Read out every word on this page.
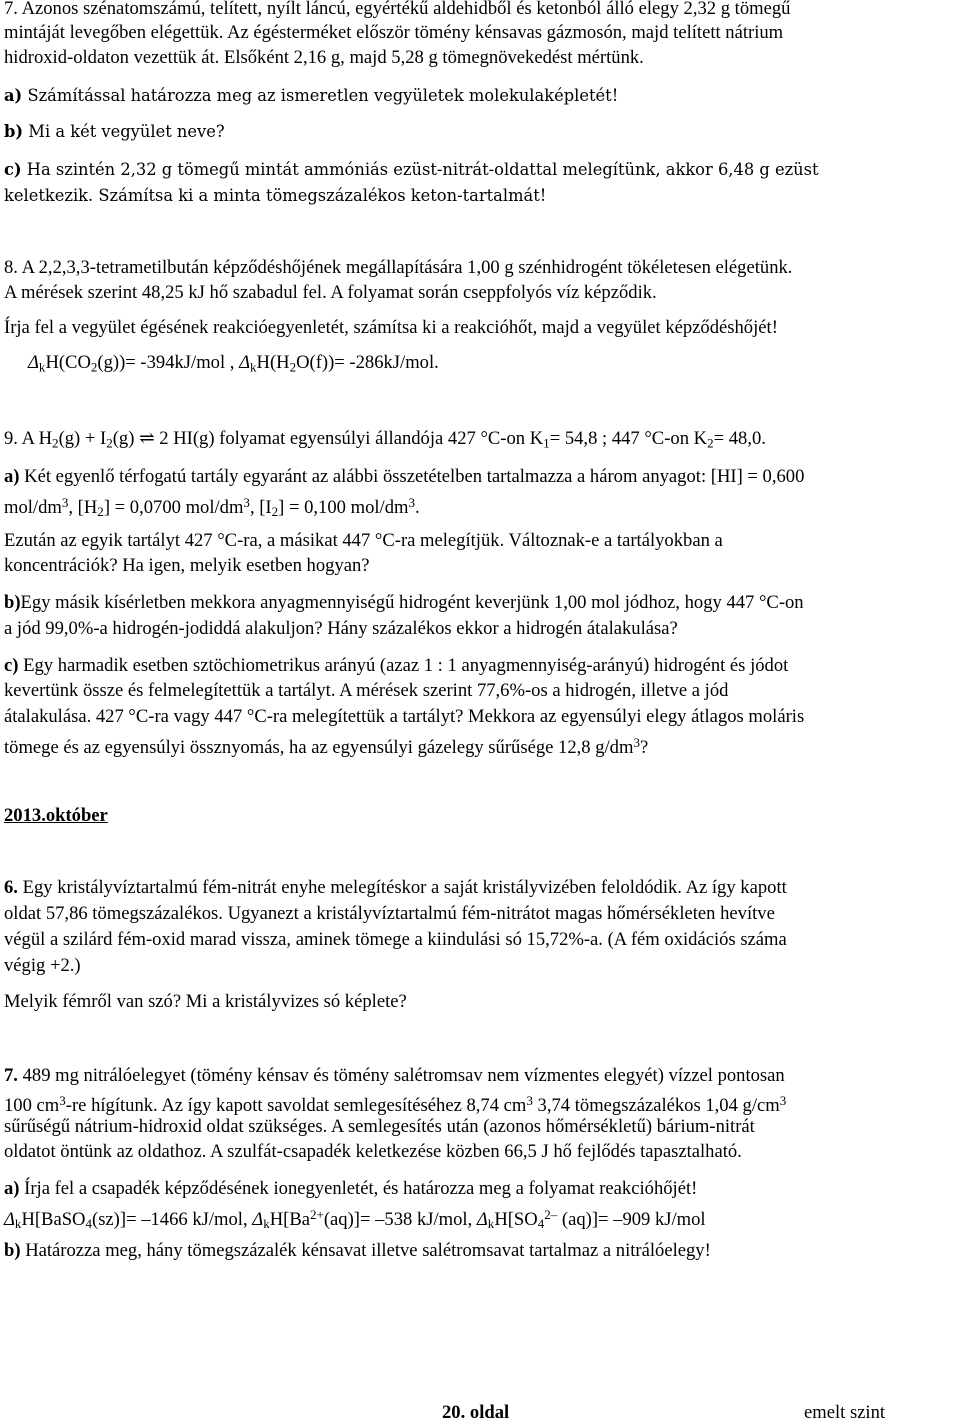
7. Azonos szénatomszámú, telített, nyílt láncú, egyértékű aldehidből és ketonból álló elegy 2,32 g tömegű
mintáját levegőben elégettük. Az égésterméket először tömény kénsavas gázmosón, majd telített nátrium
hidroxid-oldaton vezettük át. Elsőként 2,16 g, majd 5,28 g tömegnövekedést mértünk.
a) Számítással határozza meg az ismeretlen vegyületek molekulaképletét!
b) Mi a két vegyület neve?
c) Ha szintén 2,32 g tömegű mintát ammóniás ezüst-nitrát-oldattal melegítünk, akkor 6,48 g ezüst
keletkezik. Számítsa ki a minta tömegszázalékos keton-tartalmát!
8. A 2,2,3,3-tetrametilbután képződéshőjének megállapítására 1,00 g szénhidrogént tökéletesen elégetünk.
A mérések szerint 48,25 kJ hő szabadul fel. A folyamat során cseppfolyós víz képződik.
Írja fel a vegyület égésének reakcióegyenletét, számítsa ki a reakcióhőt, majd a vegyület képződéshőjét!
$\Delta_kH(CO_2(g))= -394kJ/mol$ , $\Delta_kH(H_2O(f))= -286kJ/mol$.
9. A $H_2(g) + I_2(g)$ ⇌ 2 HI(g) folyamat egyensúlyi állandója 427 °C-on $K_1= 54,8$ ; 447 °C-on $K_2= 48,0$.
a) Két egyenlő térfogatú tartály egyaránt az alábbi összetételben tartalmazza a három anyagot: [HI] = 0,600
mol/$dm^3$, $[H_2] = 0,0700$ mol/$dm^3$, $[I_2] = 0,100$ mol/$dm^3$.
Ezután az egyik tartályt 427 °C-ra, a másikat 447 °C-ra melegítjük. Változnak-e a tartályokban a
koncentrációk? Ha igen, melyik esetben hogyan?
b)Egy másik kísérletben mekkora anyagmennyiségű hidrogént keverjünk 1,00 mol jódhoz, hogy 447 °C-on
a jód 99,0%-a hidrogén-jodiddá alakuljon? Hány százalékos ekkor a hidrogén átalakulása?
c) Egy harmadik esetben sztöchiometrikus arányú (azaz 1 : 1 anyagmennyiség-arányú) hidrogént és jódot
kevertünk össze és felmelegítettük a tartályt. A mérések szerint 77,6%-os a hidrogén, illetve a jód
átalakulása. 427 °C-ra vagy 447 °C-ra melegítettük a tartályt? Mekkora az egyensúlyi elegy átlagos moláris
tömege és az egyensúlyi össznyomás, ha az egyensúlyi gázelegy sűrűsége 12,8 $g/dm^3$?
2013.október
6. Egy kristályvíztartalmú fém-nitrát enyhe melegítéskor a saját kristályvizében feloldódik. Az így kapott
oldat 57,86 tömegszázalékos. Ugyanezt a kristályvíztartalmú fém-nitrátot magas hőmérsékleten hevítve
végül a szilárd fém-oxid marad vissza, aminek tömege a kiindulási só 15,72%-a. (A fém oxidációs száma
végig +2.)
Melyik fémről van szó? Mi a kristályvizes só képlete?
7. 489 mg nitrálóelegyet (tömény kénsav és tömény salétromsav nem vízmentes elegyét) vízzel pontosan
100 $cm^3-re$ hígítunk. Az így kapott savoldat semlegesítéséhez 8,74 $cm^3$ 3,74 tömegszázalékos 1,04 $g/cm^3$
sűrűségű nátrium-hidroxid oldat szükséges. A semlegesítés után (azonos hőmérsékletű) bárium-nitrát
oldatot öntünk az oldathoz. A szulfát-csapadék keletkezése közben 66,5 J hő fejlődés tapasztalható.
a) Írja fel a csapadék képződésének ionegyenletét, és határozza meg a folyamat reakcióhőjét!
$\Delta_kH[BaSO_4(sz)]= -1466$ kJ/mol, $\Delta_kH[Ba^{2+}(aq)]= -538$ kJ/mol, $\Delta_kH[SO_4^{2-}$ (aq)]= –909 kJ/mol
b) Határozza meg, hány tömegszázalék kénsavat illetve salétromsavat tartalmaz a nitrálóelegy!
20. oldal	emelt szint
